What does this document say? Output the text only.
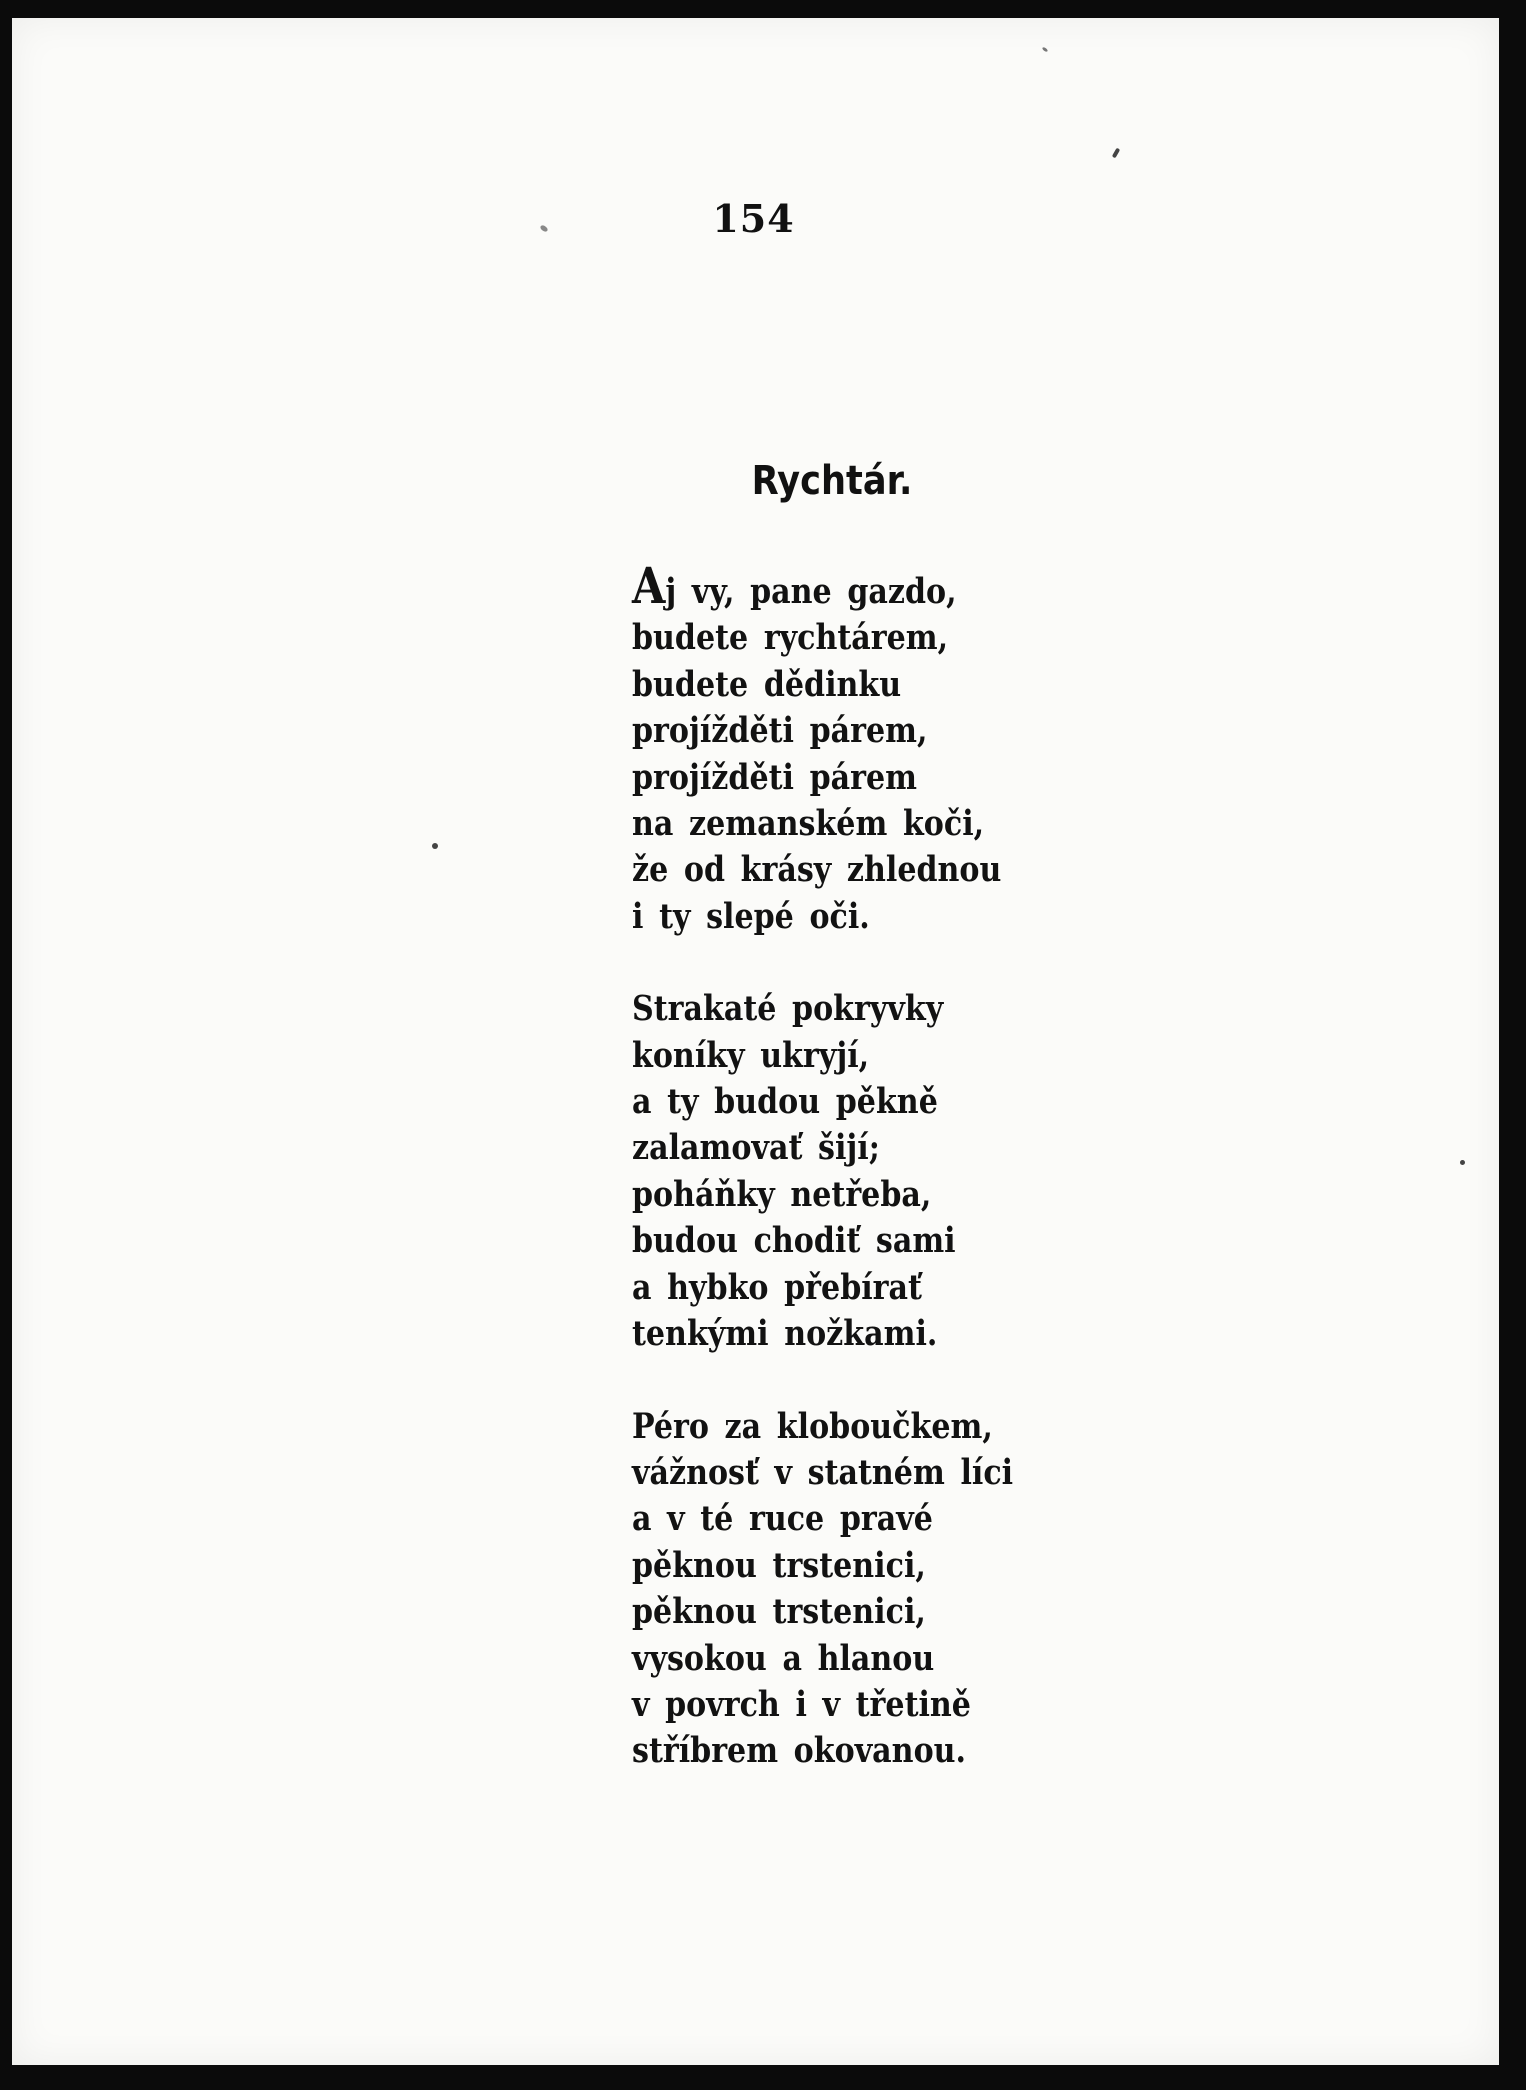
154
Rychtár.
Aj vy, pane gazdo,
budete rychtárem,
budete dědinku
projížděti párem,
projížděti párem
na zemanském koči,
že od krásy zhlednou
i ty slepé oči.
Strakaté pokryvky
koníky ukryjí,
a ty budou pěkně
zalamovať šijí;
poháňky netřeba,
budou chodiť sami
a hybko přebírať
tenkými nožkami.
Péro za kloboučkem,
vážnosť v statném líci
a v té ruce pravé
pěknou trstenici,
pěknou trstenici,
vysokou a hlanou
v povrch i v třetině
stříbrem okovanou.
